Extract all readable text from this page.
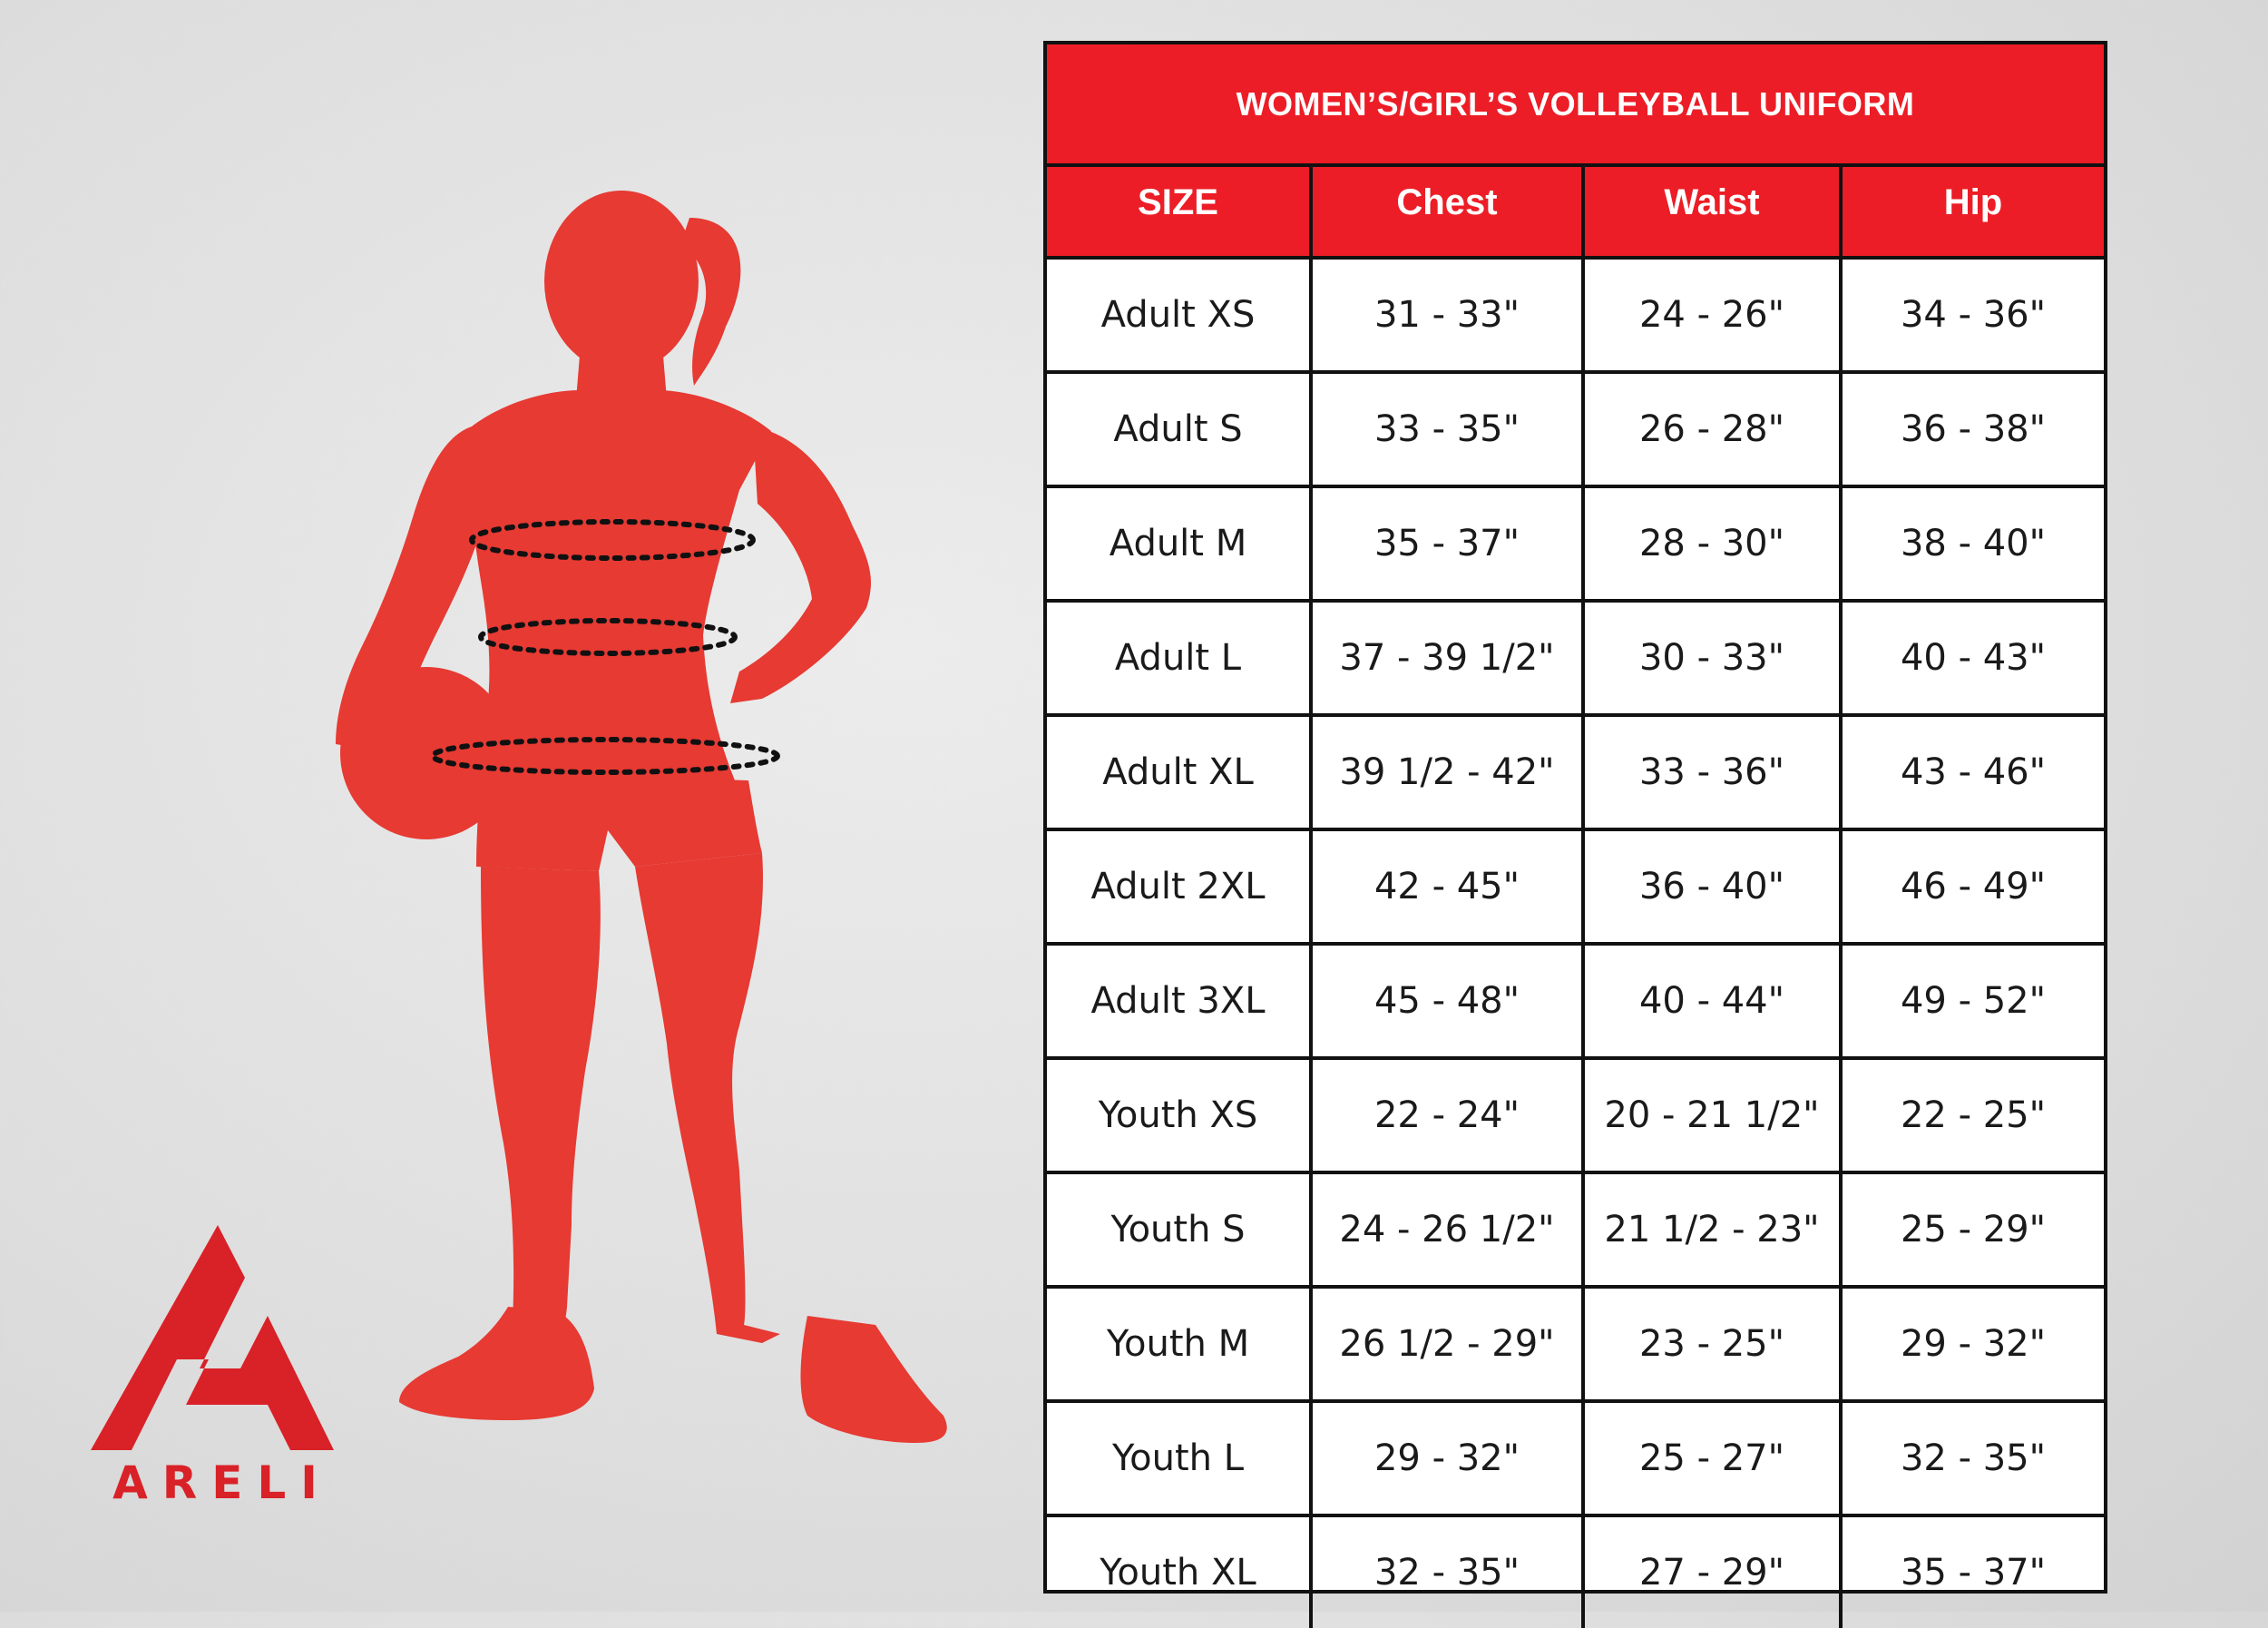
ARELI
WOMEN’S/GIRL’S VOLLEYBALL UNIFORM
SIZE	Chest	Waist	Hip
Adult XS	31 - 33"	24 - 26"	34 - 36"
Adult S	33 - 35"	26 - 28"	36 - 38"
Adult M	35 - 37"	28 - 30"	38 - 40"
Adult L	37 - 39 1/2"	30 - 33"	40 - 43"
Adult XL	39 1/2 - 42"	33 - 36"	43 - 46"
Adult 2XL	42 - 45"	36 - 40"	46 - 49"
Adult 3XL	45 - 48"	40 - 44"	49 - 52"
Youth XS	22 - 24"	20 - 21 1/2"	22 - 25"
Youth S	24 - 26 1/2"	21 1/2 - 23"	25 - 29"
Youth M	26 1/2 - 29"	23 - 25"	29 - 32"
Youth L	29 - 32"	25 - 27"	32 - 35"
Youth XL	32 - 35"	27 - 29"	35 - 37"
